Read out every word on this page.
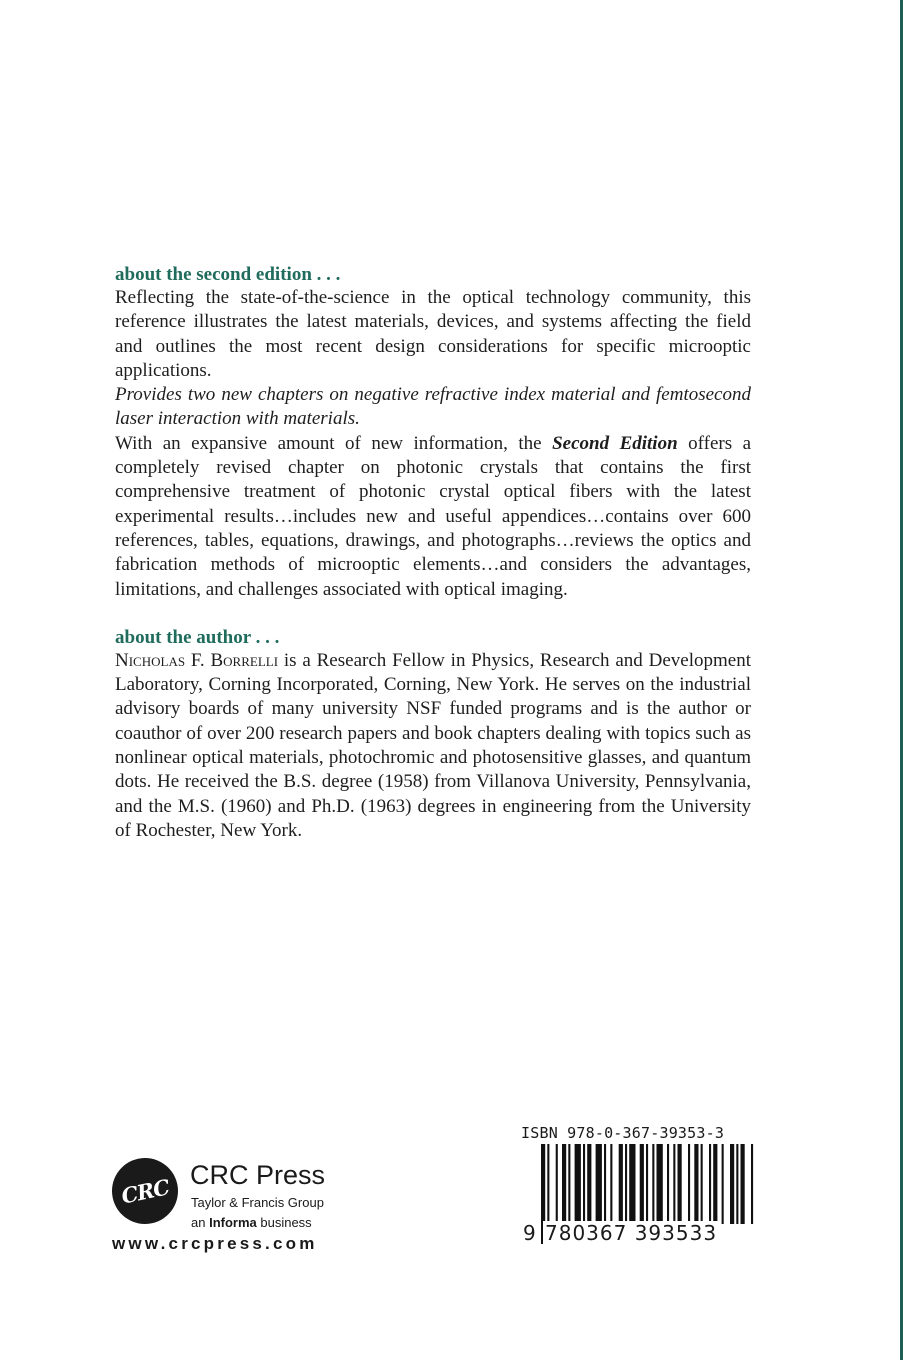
about the second edition . . .

Reflecting the state-of-the-science in the optical technology community, this reference illustrates the latest materials, devices, and systems affecting the field and outlines the most recent design considerations for specific microoptic applications.

Provides two new chapters on negative refractive index material and femtosecond laser interaction with materials.

With an expansive amount of new information, the Second Edition offers a completely revised chapter on photonic crystals that contains the first comprehensive treatment of photonic crystal optical fibers with the latest experimental results…includes new and useful appendices…contains over 600 references, tables, equations, drawings, and photographs…reviews the optics and fabrication methods of microoptic elements…and considers the advantages, limitations, and challenges associated with optical imaging.

about the author . . .

Nicholas F. Borrelli is a Research Fellow in Physics, Research and Development Laboratory, Corning Incorporated, Corning, New York. He serves on the industrial advisory boards of many university NSF funded programs and is the author or coauthor of over 200 research papers and book chapters dealing with topics such as nonlinear optical materials, photochromic and photosensitive glasses, and quantum dots. He received the B.S. degree (1958) from Villanova University, Pennsylvania, and the M.S. (1960) and Ph.D. (1963) degrees in engineering from the University of Rochester, New York.

CRC CRC Press
Taylor & Francis Group
an Informa business
www.crcpress.com
ISBN 978-0-367-39353-3
9 780367 393533
